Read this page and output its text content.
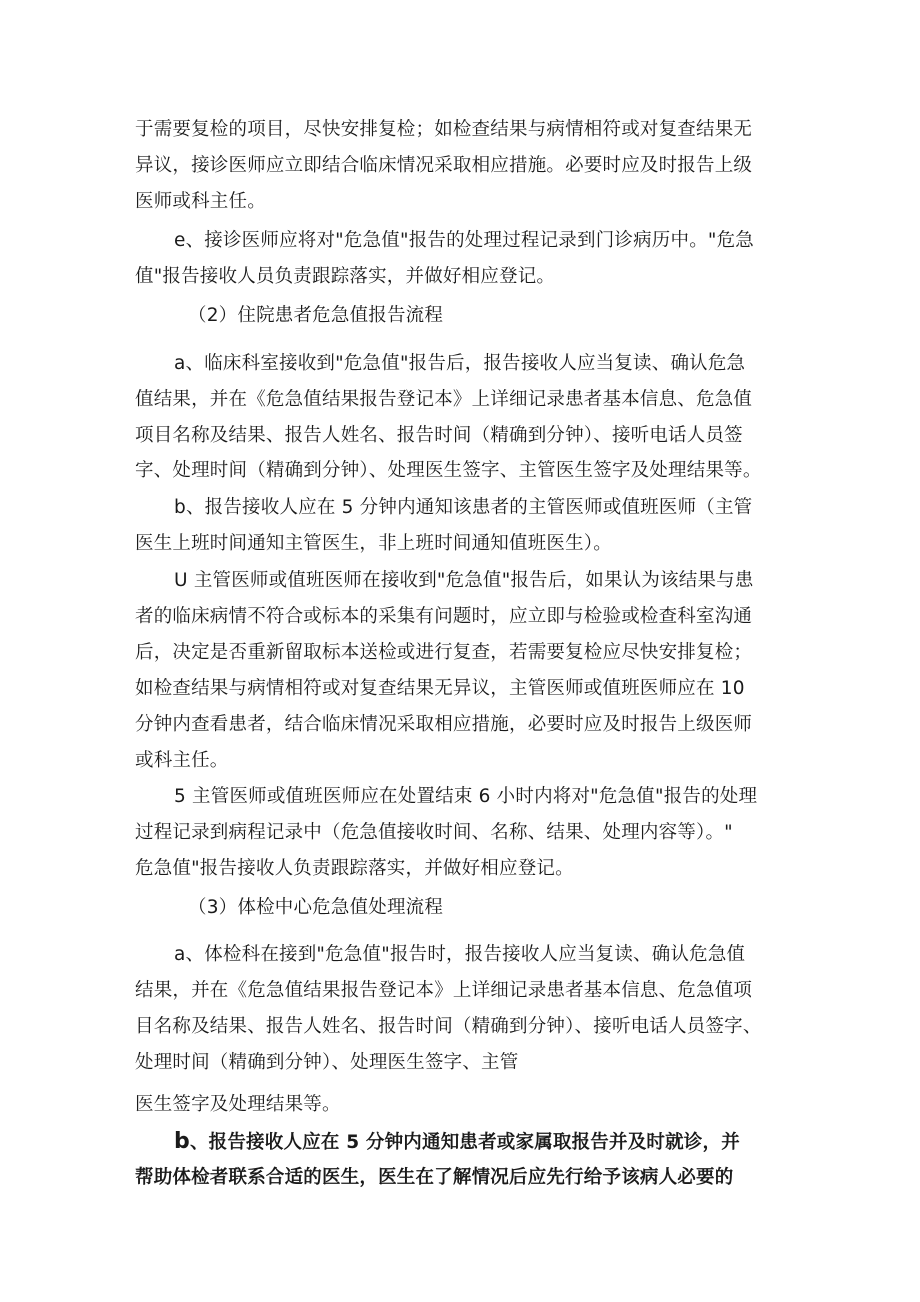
于需要复检的项目，尽快安排复检；如检查结果与病情相符或对复查结果无
异议，接诊医师应立即结合临床情况采取相应措施。必要时应及时报告上级
医师或科主任。
e、接诊医师应将对"危急值"报告的处理过程记录到门诊病历中。"危急
值"报告接收人员负责跟踪落实，并做好相应登记。
（2）住院患者危急值报告流程
a、临床科室接收到"危急值"报告后，报告接收人应当复读、确认危急
值结果，并在《危急值结果报告登记本》上详细记录患者基本信息、危急值
项目名称及结果、报告人姓名、报告时间（精确到分钟）、接听电话人员签
字、处理时间（精确到分钟）、处理医生签字、主管医生签字及处理结果等。
b、报告接收人应在 5 分钟内通知该患者的主管医师或值班医师（主管
医生上班时间通知主管医生，非上班时间通知值班医生）。
U 主管医师或值班医师在接收到"危急值"报告后，如果认为该结果与患
者的临床病情不符合或标本的采集有问题时，应立即与检验或检查科室沟通
后，决定是否重新留取标本送检或进行复查，若需要复检应尽快安排复检；
如检查结果与病情相符或对复查结果无异议，主管医师或值班医师应在 10
分钟内查看患者，结合临床情况采取相应措施，必要时应及时报告上级医师
或科主任。
5 主管医师或值班医师应在处置结束 6 小时内将对"危急值"报告的处理
过程记录到病程记录中（危急值接收时间、名称、结果、处理内容等）。"
危急值"报告接收人负责跟踪落实，并做好相应登记。
（3）体检中心危急值处理流程
a、体检科在接到"危急值"报告时，报告接收人应当复读、确认危急值
结果，并在《危急值结果报告登记本》上详细记录患者基本信息、危急值项
目名称及结果、报告人姓名、报告时间（精确到分钟）、接听电话人员签字、
处理时间（精确到分钟）、处理医生签字、主管
医生签字及处理结果等。
b、报告接收人应在 5 分钟内通知患者或家属取报告并及时就诊，并
帮助体检者联系合适的医生，医生在了解情况后应先行给予该病人必要的
